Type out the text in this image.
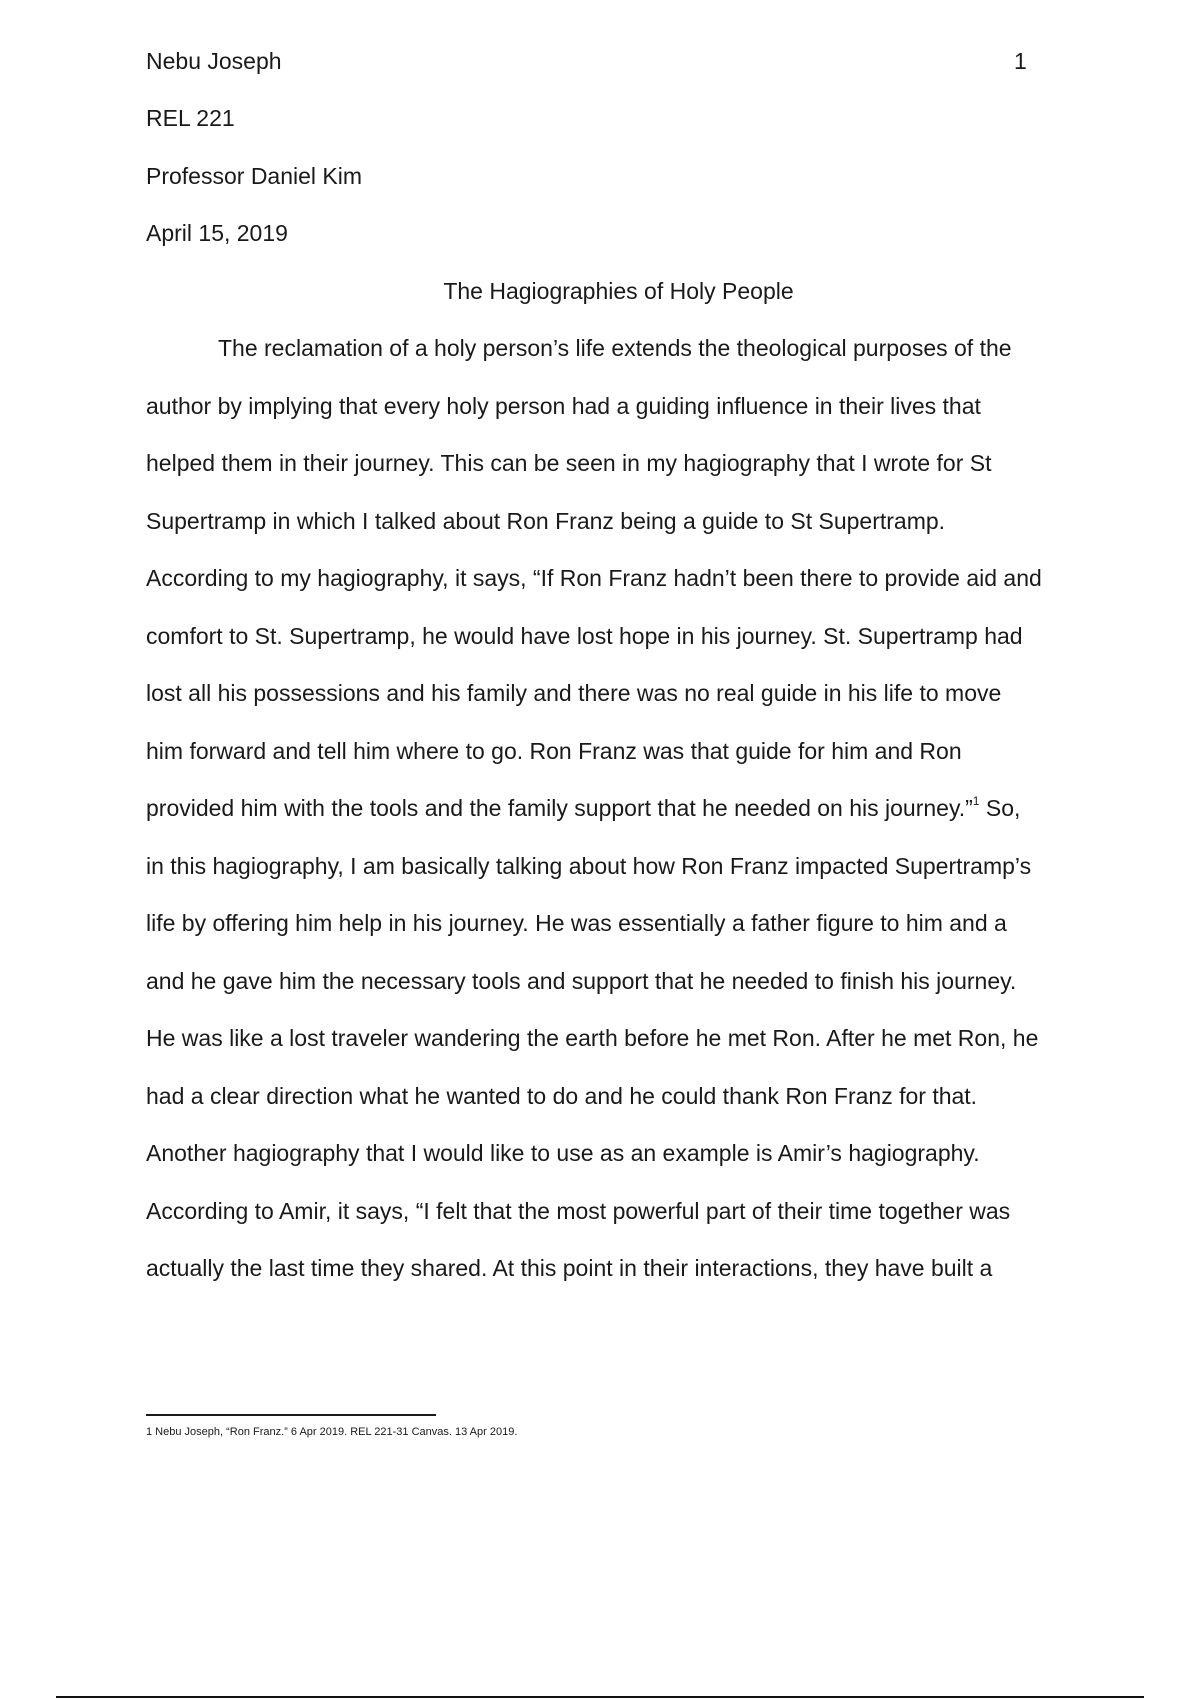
Nebu Joseph	1
REL 221
Professor Daniel Kim
April 15, 2019
The Hagiographies of Holy People
The reclamation of a holy person’s life extends the theological purposes of the
author by implying that every holy person had a guiding influence in their lives that
helped them in their journey. This can be seen in my hagiography that I wrote for St
Supertramp in which I talked about Ron Franz being a guide to St Supertramp.
According to my hagiography, it says, “If Ron Franz hadn’t been there to provide aid and
comfort to St. Supertramp, he would have lost hope in his journey. St. Supertramp had
lost all his possessions and his family and there was no real guide in his life to move
him forward and tell him where to go. Ron Franz was that guide for him and Ron
provided him with the tools and the family support that he needed on his journey.”$^1$ So,
in this hagiography, I am basically talking about how Ron Franz impacted Supertramp’s
life by offering him help in his journey. He was essentially a father figure to him and a
and he gave him the necessary tools and support that he needed to finish his journey.
He was like a lost traveler wandering the earth before he met Ron. After he met Ron, he
had a clear direction what he wanted to do and he could thank Ron Franz for that.
Another hagiography that I would like to use as an example is Amir’s hagiography.
According to Amir, it says, “I felt that the most powerful part of their time together was
actually the last time they shared. At this point in their interactions, they have built a
1 Nebu Joseph, “Ron Franz.” 6 Apr 2019. REL 221-31 Canvas. 13 Apr 2019.
